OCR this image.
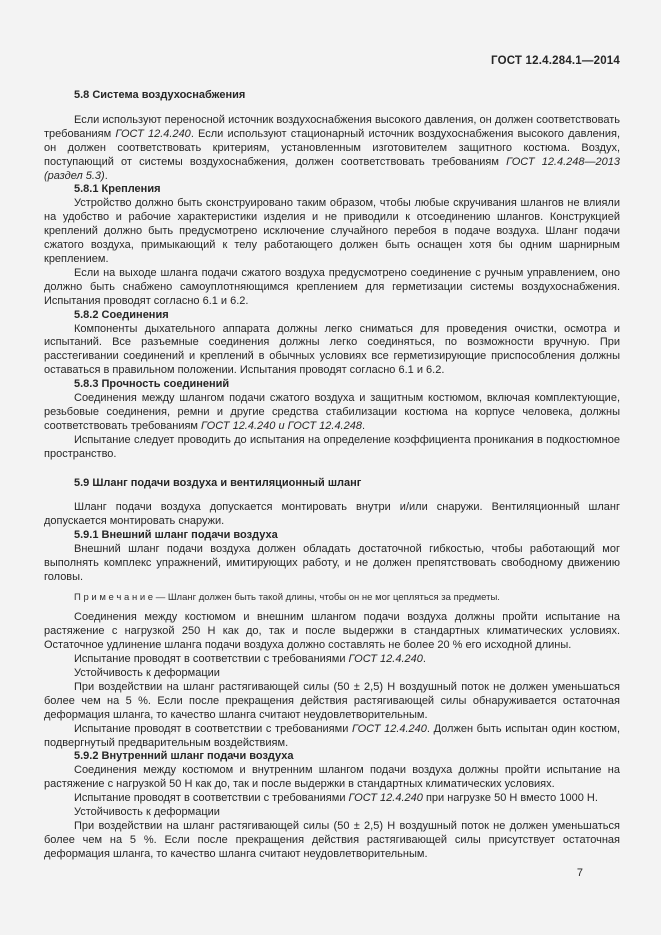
ГОСТ 12.4.284.1—2014
5.8 Система воздухоснабжения
Если используют переносной источник воздухоснабжения высокого давления, он должен соответствовать требованиям ГОСТ 12.4.240. Если используют стационарный источник воздухоснабжения высокого давления, он должен соответствовать критериям, установленным изготовителем защитного костюма. Воздух, поступающий от системы воздухоснабжения, должен соответствовать требованиям ГОСТ 12.4.248—2013 (раздел 5.3).
5.8.1 Крепления
Устройство должно быть сконструировано таким образом, чтобы любые скручивания шлангов не влияли на удобство и рабочие характеристики изделия и не приводили к отсоединению шлангов. Конструкцией креплений должно быть предусмотрено исключение случайного перебоя в подаче воздуха. Шланг подачи сжатого воздуха, примыкающий к телу работающего должен быть оснащен хотя бы одним шарнирным креплением.
Если на выходе шланга подачи сжатого воздуха предусмотрено соединение с ручным управлением, оно должно быть снабжено самоуплотняющимся креплением для герметизации системы воздухоснабжения. Испытания проводят согласно 6.1 и 6.2.
5.8.2 Соединения
Компоненты дыхательного аппарата должны легко сниматься для проведения очистки, осмотра и испытаний. Все разъемные соединения должны легко соединяться, по возможности вручную. При расстегивании соединений и креплений в обычных условиях все герметизирующие приспособления должны оставаться в правильном положении. Испытания проводят согласно 6.1 и 6.2.
5.8.3 Прочность соединений
Соединения между шлангом подачи сжатого воздуха и защитным костюмом, включая комплектующие, резьбовые соединения, ремни и другие средства стабилизации костюма на корпусе человека, должны соответствовать требованиям ГОСТ 12.4.240 и ГОСТ 12.4.248.
Испытание следует проводить до испытания на определение коэффициента проникания в подкостюмное пространство.
5.9 Шланг подачи воздуха и вентиляционный шланг
Шланг подачи воздуха допускается монтировать внутри и/или снаружи. Вентиляционный шланг допускается монтировать снаружи.
5.9.1 Внешний шланг подачи воздуха
Внешний шланг подачи воздуха должен обладать достаточной гибкостью, чтобы работающий мог выполнять комплекс упражнений, имитирующих работу, и не должен препятствовать свободному движению головы.
П р и м е ч а н и е — Шланг должен быть такой длины, чтобы он не мог цепляться за предметы.
Соединения между костюмом и внешним шлангом подачи воздуха должны пройти испытание на растяжение с нагрузкой 250 Н как до, так и после выдержки в стандартных климатических условиях. Остаточное удлинение шланга подачи воздуха должно составлять не более 20 % его исходной длины.
Испытание проводят в соответствии с требованиями ГОСТ 12.4.240.
Устойчивость к деформации
При воздействии на шланг растягивающей силы (50 ± 2,5) Н воздушный поток не должен уменьшаться более чем на 5 %. Если после прекращения действия растягивающей силы обнаруживается остаточная деформация шланга, то качество шланга считают неудовлетворительным.
Испытание проводят в соответствии с требованиями ГОСТ 12.4.240. Должен быть испытан один костюм, подвергнутый предварительным воздействиям.
5.9.2 Внутренний шланг подачи воздуха
Соединения между костюмом и внутренним шлангом подачи воздуха должны пройти испытание на растяжение с нагрузкой 50 Н как до, так и после выдержки в стандартных климатических условиях.
Испытание проводят в соответствии с требованиями ГОСТ 12.4.240 при нагрузке 50 Н вместо 1000 Н.
Устойчивость к деформации
При воздействии на шланг растягивающей силы (50 ± 2,5) Н воздушный поток не должен уменьшаться более чем на 5 %. Если после прекращения действия растягивающей силы присутствует остаточная деформация шланга, то качество шланга считают неудовлетворительным.
7
